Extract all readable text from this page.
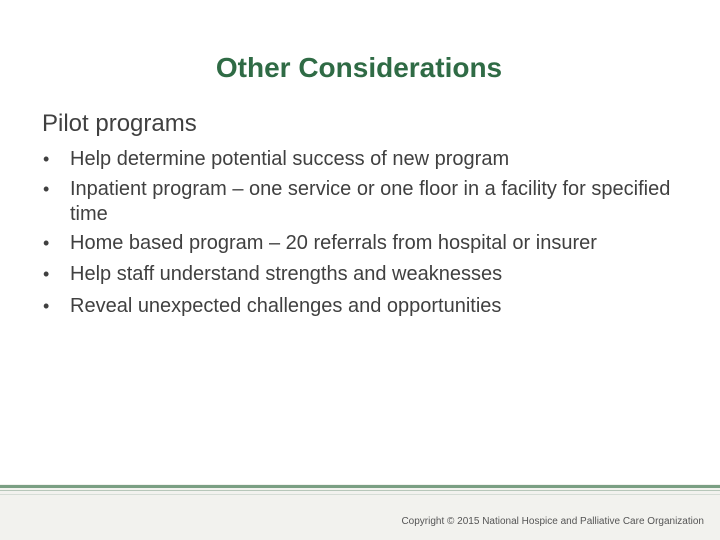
Other Considerations
Pilot programs
• Help determine potential success of new program
• Inpatient program – one service or one floor in a facility for specified time
• Home based program – 20 referrals from hospital or insurer
• Help staff understand strengths and weaknesses
• Reveal unexpected challenges and opportunities
Copyright © 2015 National Hospice and Palliative Care Organization
